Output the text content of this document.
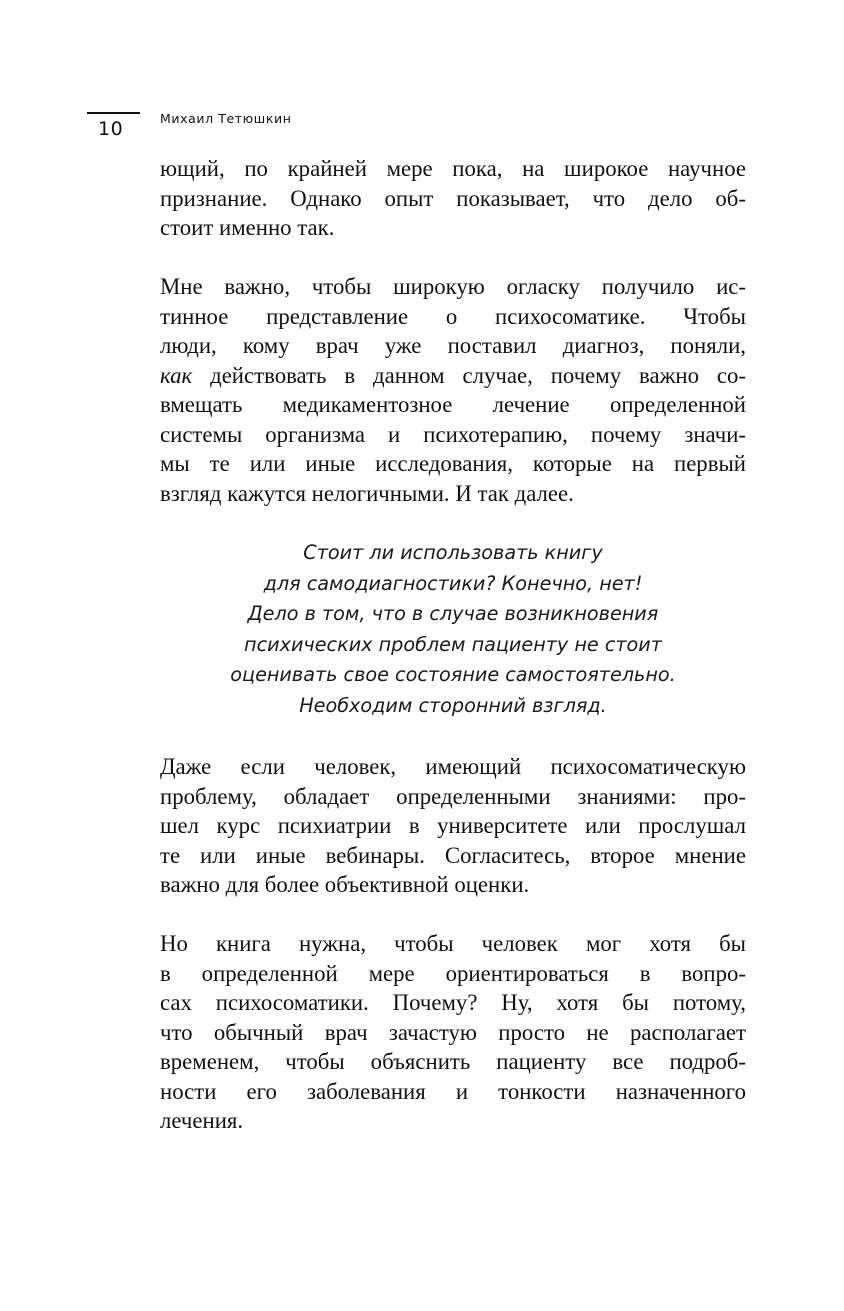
10	Михаил Тетюшкин

ющий, по крайней мере пока, на широкое научное
признание. Однако опыт показывает, что дело об-
стоит именно так.

Мне важно, чтобы широкую огласку получило ис-
тинное представление о психосоматике. Чтобы
люди, кому врач уже поставил диагноз, поняли,
как действовать в данном случае, почему важно со-
вмещать медикаментозное лечение определенной
системы организма и психотерапию, почему значи-
мы те или иные исследования, которые на первый
взгляд кажутся нелогичными. И так далее.

Стоит ли использовать книгу
для самодиагностики? Конечно, нет!
Дело в том, что в случае возникновения
психических проблем пациенту не стоит
оценивать свое состояние самостоятельно.
Необходим сторонний взгляд.

Даже если человек, имеющий психосоматическую
проблему, обладает определенными знаниями: про-
шел курс психиатрии в университете или прослушал
те или иные вебинары. Согласитесь, второе мнение
важно для более объективной оценки.

Но книга нужна, чтобы человек мог хотя бы
в определенной мере ориентироваться в вопро-
сах психосоматики. Почему? Ну, хотя бы потому,
что обычный врач зачастую просто не располагает
временем, чтобы объяснить пациенту все подроб-
ности его заболевания и тонкости назначенного
лечения.
